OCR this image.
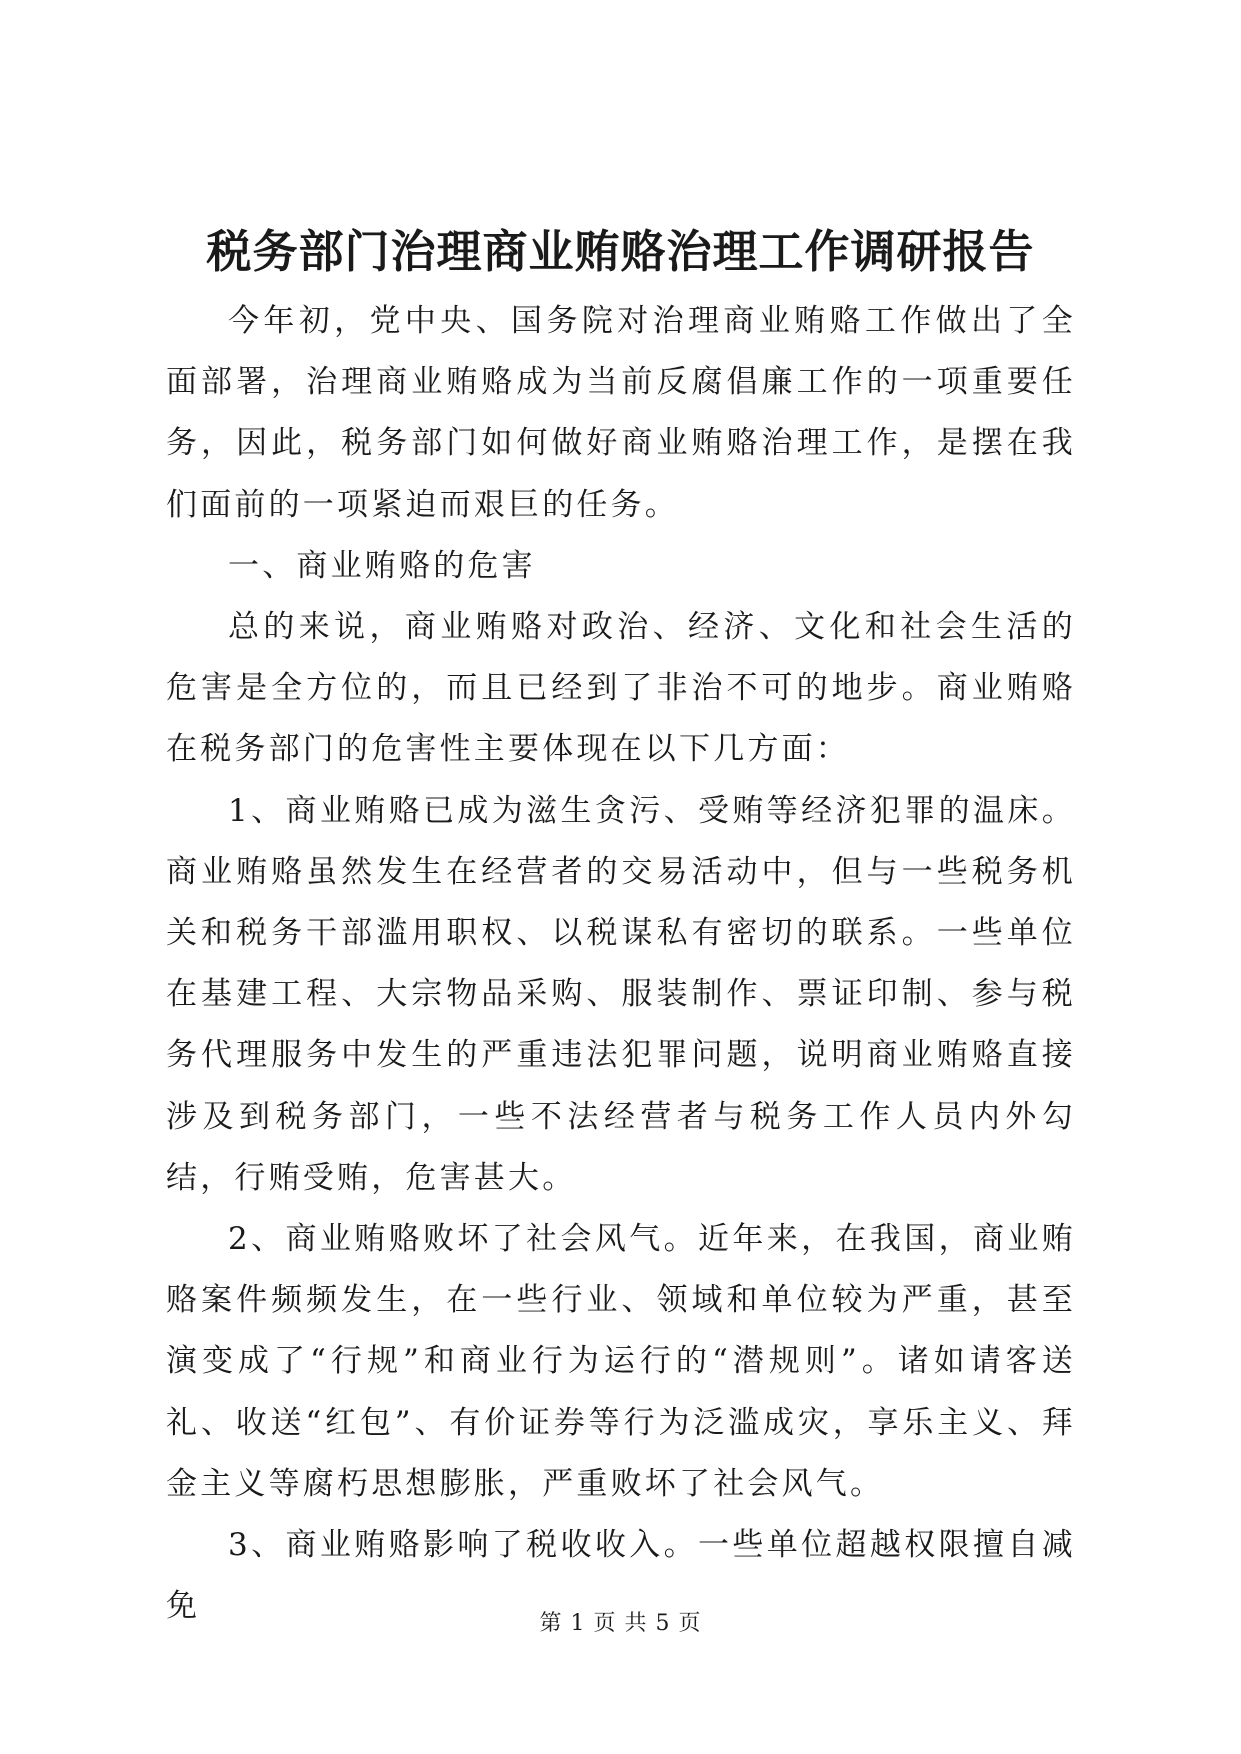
税务部门治理商业贿赂治理工作调研报告

今年初，党中央、国务院对治理商业贿赂工作做出了全面部署，治理商业贿赂成为当前反腐倡廉工作的一项重要任务，因此，税务部门如何做好商业贿赂治理工作，是摆在我们面前的一项紧迫而艰巨的任务。

一、商业贿赂的危害

总的来说，商业贿赂对政治、经济、文化和社会生活的危害是全方位的，而且已经到了非治不可的地步。商业贿赂在税务部门的危害性主要体现在以下几方面：

1、商业贿赂已成为滋生贪污、受贿等经济犯罪的温床。商业贿赂虽然发生在经营者的交易活动中，但与一些税务机关和税务干部滥用职权、以税谋私有密切的联系。一些单位在基建工程、大宗物品采购、服装制作、票证印制、参与税务代理服务中发生的严重违法犯罪问题，说明商业贿赂直接涉及到税务部门，一些不法经营者与税务工作人员内外勾结，行贿受贿，危害甚大。

2、商业贿赂败坏了社会风气。近年来，在我国，商业贿赂案件频频发生，在一些行业、领域和单位较为严重，甚至演变成了“行规”和商业行为运行的“潜规则”。诸如请客送礼、收送“红包”、有价证券等行为泛滥成灾，享乐主义、拜金主义等腐朽思想膨胀，严重败坏了社会风气。

3、商业贿赂影响了税收收入。一些单位超越权限擅自减免	第 1 页 共 5 页
